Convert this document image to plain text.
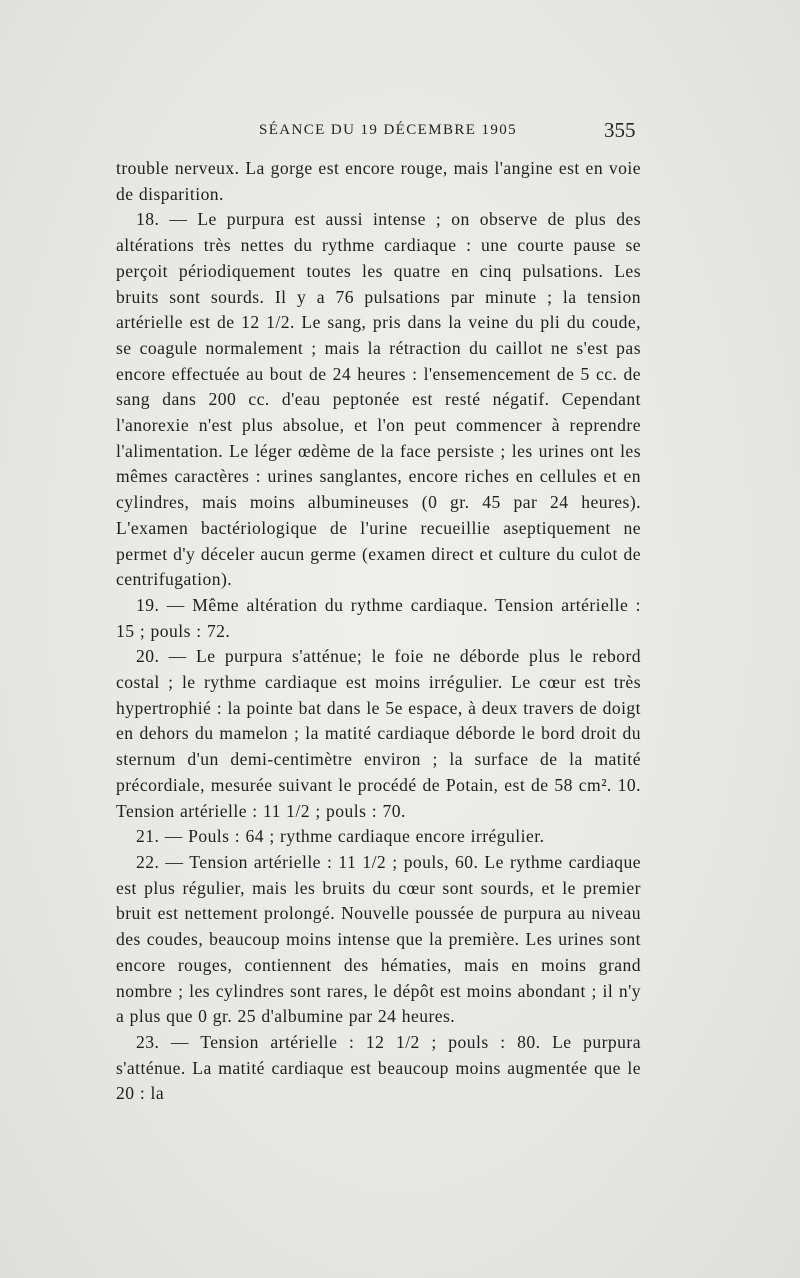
SÉANCE DU 19 DÉCEMBRE 1905	355

trouble nerveux. La gorge est encore rouge, mais l'angine est en voie de disparition.

18. — Le purpura est aussi intense ; on observe de plus des altérations très nettes du rythme cardiaque : une courte pause se perçoit périodiquement toutes les quatre en cinq pulsations. Les bruits sont sourds. Il y a 76 pulsations par minute ; la tension artérielle est de 12 1/2. Le sang, pris dans la veine du pli du coude, se coagule normalement ; mais la rétraction du caillot ne s'est pas encore effectuée au bout de 24 heures : l'ensemencement de 5 cc. de sang dans 200 cc. d'eau peptonée est resté négatif. Cependant l'anorexie n'est plus absolue, et l'on peut commencer à reprendre l'alimentation. Le léger œdème de la face persiste ; les urines ont les mêmes caractères : urines sanglantes, encore riches en cellules et en cylindres, mais moins albumineuses (0 gr. 45 par 24 heures). L'examen bactériologique de l'urine recueillie aseptiquement ne permet d'y déceler aucun germe (examen direct et culture du culot de centrifugation).

19. — Même altération du rythme cardiaque. Tension artérielle : 15 ; pouls : 72.

20. — Le purpura s'atténue; le foie ne déborde plus le rebord costal ; le rythme cardiaque est moins irrégulier. Le cœur est très hypertrophié : la pointe bat dans le 5e espace, à deux travers de doigt en dehors du mamelon ; la matité cardiaque déborde le bord droit du sternum d'un demi-centimètre environ ; la surface de la matité précordiale, mesurée suivant le procédé de Potain, est de 58 cm². 10. Tension artérielle : 11 1/2 ; pouls : 70.

21. — Pouls : 64 ; rythme cardiaque encore irrégulier.

22. — Tension artérielle : 11 1/2 ; pouls, 60. Le rythme cardiaque est plus régulier, mais les bruits du cœur sont sourds, et le premier bruit est nettement prolongé. Nouvelle poussée de purpura au niveau des coudes, beaucoup moins intense que la première. Les urines sont encore rouges, contiennent des hématies, mais en moins grand nombre ; les cylindres sont rares, le dépôt est moins abondant ; il n'y a plus que 0 gr. 25 d'albumine par 24 heures.

23. — Tension artérielle : 12 1/2 ; pouls : 80. Le purpura s'atténue. La matité cardiaque est beaucoup moins augmentée que le 20 : la
